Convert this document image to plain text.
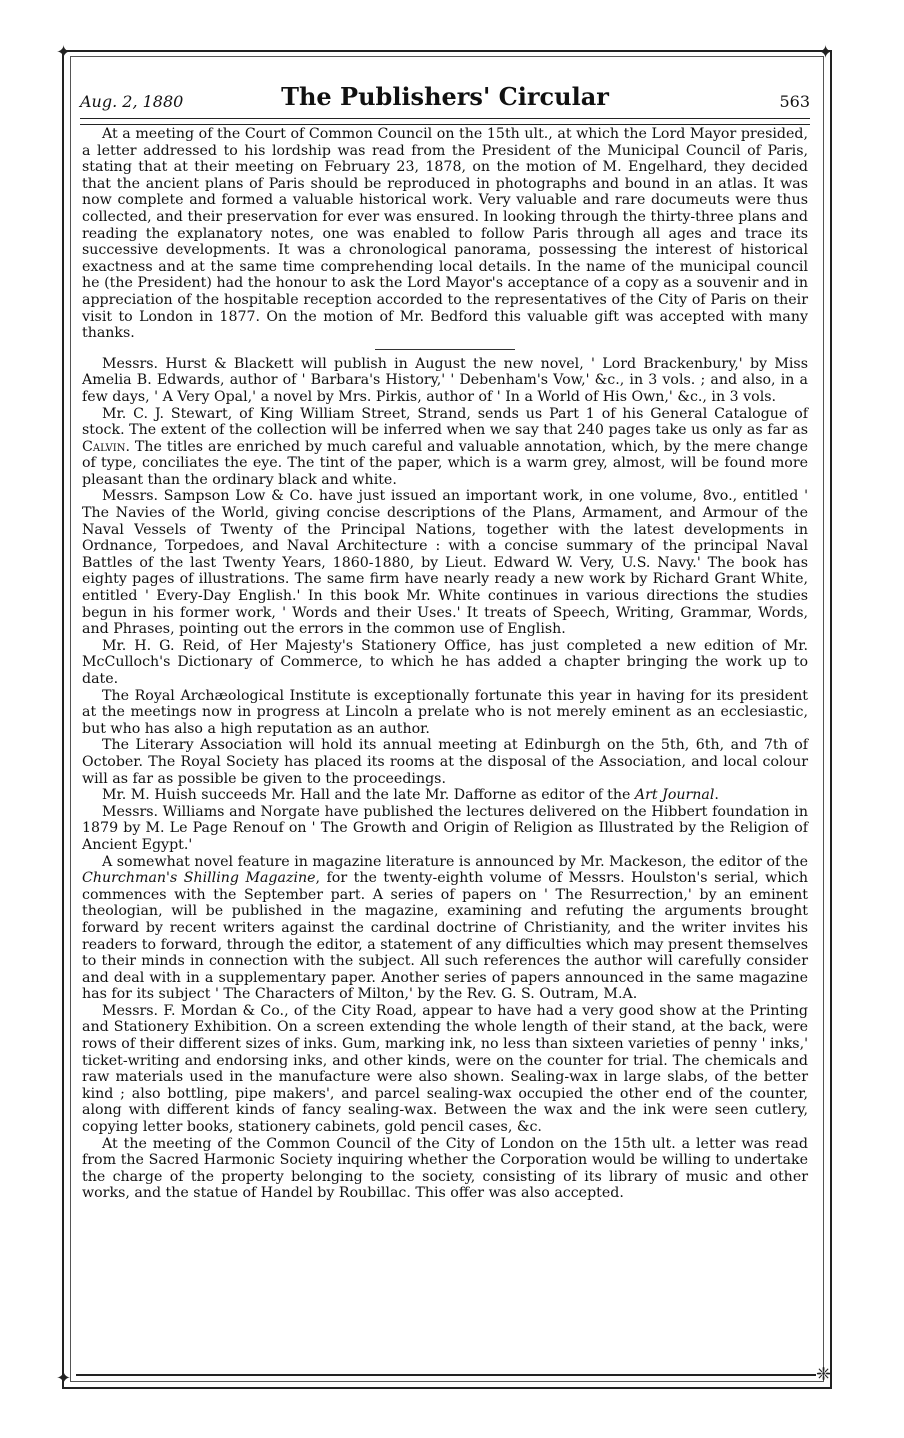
✦	✦
✦	❈
Aug. 2, 1880	The Publishers' Circular	563

At a meeting of the Court of Common Council on the 15th ult., at which the Lord Mayor presided, a letter addressed to his lordship was read from the President of the Municipal Council of Paris, stating that at their meeting on February 23, 1878, on the motion of M. Engelhard, they decided that the ancient plans of Paris should be reproduced in photographs and bound in an atlas. It was now complete and formed a valuable historical work. Very valuable and rare documeuts were thus collected, and their preservation for ever was ensured. In looking through the thirty-three plans and reading the explanatory notes, one was enabled to follow Paris through all ages and trace its successive developments. It was a chronological panorama, possessing the interest of historical exactness and at the same time comprehending local details. In the name of the municipal council he (the President) had the honour to ask the Lord Mayor's acceptance of a copy as a souvenir and in appreciation of the hospitable reception accorded to the representatives of the City of Paris on their visit to London in 1877. On the motion of Mr. Bedford this valuable gift was accepted with many thanks.

Messrs. Hurst & Blackett will publish in August the new novel, ' Lord Brackenbury,' by Miss Amelia B. Edwards, author of ' Barbara's History,' ' Debenham's Vow,' &c., in 3 vols. ; and also, in a few days, ' A Very Opal,' a novel by Mrs. Pirkis, author of ' In a World of His Own,' &c., in 3 vols.

Mr. C. J. Stewart, of King William Street, Strand, sends us Part 1 of his General Catalogue of stock. The extent of the collection will be inferred when we say that 240 pages take us only as far as Calvin. The titles are enriched by much careful and valuable annotation, which, by the mere change of type, conciliates the eye. The tint of the paper, which is a warm grey, almost, will be found more pleasant than the ordinary black and white.

Messrs. Sampson Low & Co. have just issued an important work, in one volume, 8vo., entitled ' The Navies of the World, giving concise descriptions of the Plans, Armament, and Armour of the Naval Vessels of Twenty of the Principal Nations, together with the latest developments in Ordnance, Torpedoes, and Naval Architecture : with a concise summary of the principal Naval Battles of the last Twenty Years, 1860-1880, by Lieut. Edward W. Very, U.S. Navy.' The book has eighty pages of illustrations. The same firm have nearly ready a new work by Richard Grant White, entitled ' Every-Day English.' In this book Mr. White continues in various directions the studies begun in his former work, ' Words and their Uses.' It treats of Speech, Writing, Grammar, Words, and Phrases, pointing out the errors in the common use of English.

Mr. H. G. Reid, of Her Majesty's Stationery Office, has just completed a new edition of Mr. McCulloch's Dictionary of Commerce, to which he has added a chapter bringing the work up to date.

The Royal Archæological Institute is exceptionally fortunate this year in having for its president at the meetings now in progress at Lincoln a prelate who is not merely eminent as an ecclesiastic, but who has also a high reputation as an author.

The Literary Association will hold its annual meeting at Edinburgh on the 5th, 6th, and 7th of October. The Royal Society has placed its rooms at the disposal of the Association, and local colour will as far as possible be given to the proceedings.

Mr. M. Huish succeeds Mr. Hall and the late Mr. Dafforne as editor of the Art Journal.

Messrs. Williams and Norgate have published the lectures delivered on the Hibbert foundation in 1879 by M. Le Page Renouf on ' The Growth and Origin of Religion as Illustrated by the Religion of Ancient Egypt.'

A somewhat novel feature in magazine literature is announced by Mr. Mackeson, the editor of the Churchman's Shilling Magazine, for the twenty-eighth volume of Messrs. Houlston's serial, which commences with the September part. A series of papers on ' The Resurrection,' by an eminent theologian, will be published in the magazine, examining and refuting the arguments brought forward by recent writers against the cardinal doctrine of Christianity, and the writer invites his readers to forward, through the editor, a statement of any difficulties which may present themselves to their minds in connection with the subject. All such references the author will carefully consider and deal with in a supplementary paper. Another series of papers announced in the same magazine has for its subject ' The Characters of Milton,' by the Rev. G. S. Outram, M.A.

Messrs. F. Mordan & Co., of the City Road, appear to have had a very good show at the Printing and Stationery Exhibition. On a screen extending the whole length of their stand, at the back, were rows of their different sizes of inks. Gum, marking ink, no less than sixteen varieties of penny ' inks,' ticket-writing and endorsing inks, and other kinds, were on the counter for trial. The chemicals and raw materials used in the manufacture were also shown. Sealing-wax in large slabs, of the better kind ; also bottling, pipe makers', and parcel sealing-wax occupied the other end of the counter, along with different kinds of fancy sealing-wax. Between the wax and the ink were seen cutlery, copying letter books, stationery cabinets, gold pencil cases, &c.

At the meeting of the Common Council of the City of London on the 15th ult. a letter was read from the Sacred Harmonic Society inquiring whether the Corporation would be willing to undertake the charge of the property belonging to the society, consisting of its library of music and other works, and the statue of Handel by Roubillac. This offer was also accepted.
